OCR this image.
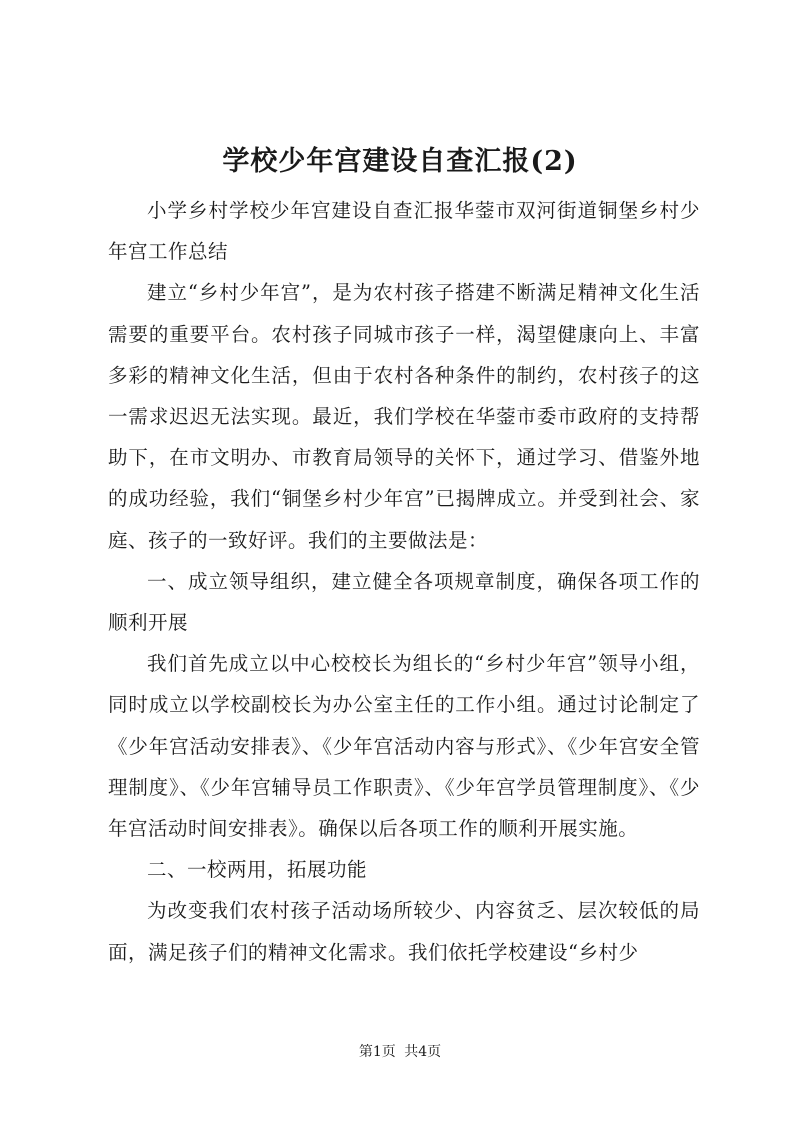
学校少年宫建设自查汇报(2)

小学乡村学校少年宫建设自查汇报华蓥市双河街道铜堡乡村少年宫工作总结

建立“乡村少年宫”，是为农村孩子搭建不断满足精神文化生活需要的重要平台。农村孩子同城市孩子一样，渴望健康向上、丰富多彩的精神文化生活，但由于农村各种条件的制约，农村孩子的这一需求迟迟无法实现。最近，我们学校在华蓥市委市政府的支持帮助下，在市文明办、市教育局领导的关怀下，通过学习、借鉴外地的成功经验，我们“铜堡乡村少年宫”已揭牌成立。并受到社会、家庭、孩子的一致好评。我们的主要做法是：

一、成立领导组织，建立健全各项规章制度，确保各项工作的顺利开展

我们首先成立以中心校校长为组长的“乡村少年宫”领导小组，同时成立以学校副校长为办公室主任的工作小组。通过讨论制定了《少年宫活动安排表》、《少年宫活动内容与形式》、《少年宫安全管理制度》、《少年宫辅导员工作职责》、《少年宫学员管理制度》、《少年宫活动时间安排表》。确保以后各项工作的顺利开展实施。

二、一校两用，拓展功能

为改变我们农村孩子活动场所较少、内容贫乏、层次较低的局面，满足孩子们的精神文化需求。我们依托学校建设“乡村少

第1页 共4页
